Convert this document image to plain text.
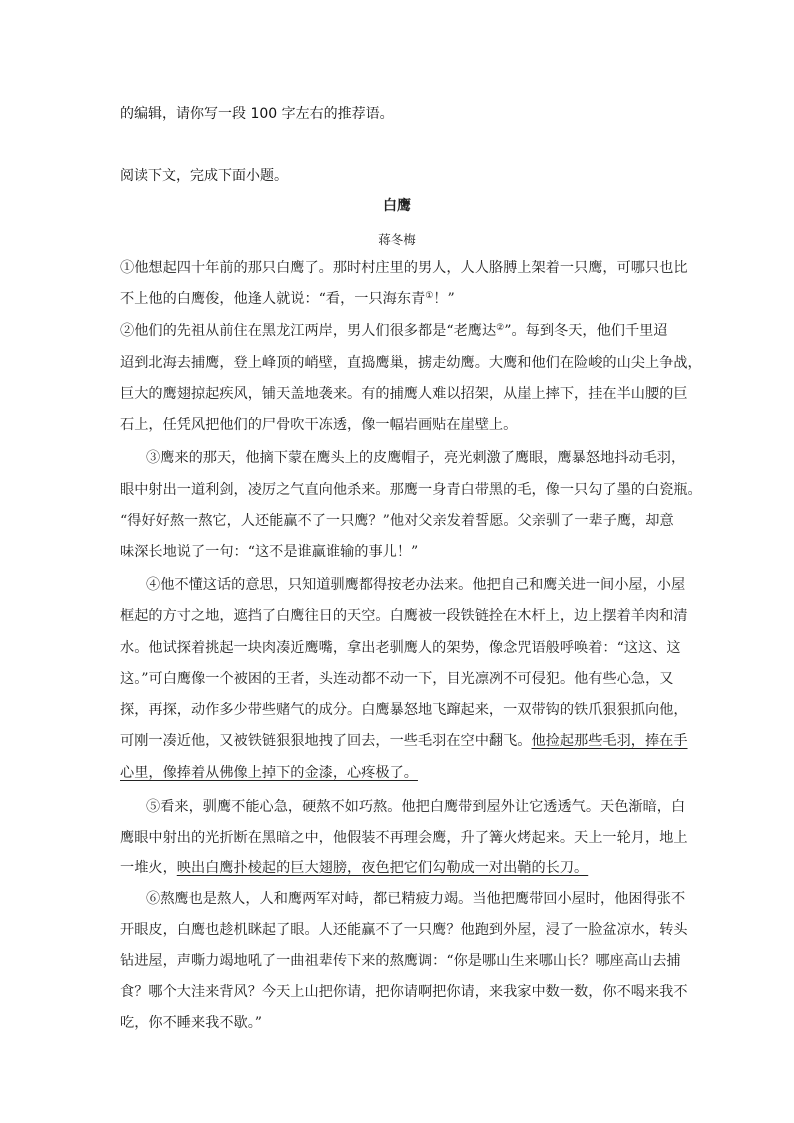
的编辑，请你写一段 100 字左右的推荐语。
阅读下文，完成下面小题。
白鹰
蒋冬梅
①他想起四十年前的那只白鹰了。那时村庄里的男人，人人胳膊上架着一只鹰，可哪只也比
不上他的白鹰俊，他逢人就说：“看，一只海东青①！”
②他们的先祖从前住在黑龙江两岸，男人们很多都是“老鹰达②”。每到冬天，他们千里迢
迢到北海去捕鹰，登上峰顶的峭壁，直捣鹰巢，掳走幼鹰。大鹰和他们在险峻的山尖上争战，
巨大的鹰翅掠起疾风，铺天盖地袭来。有的捕鹰人难以招架，从崖上摔下，挂在半山腰的巨
石上，任凭风把他们的尸骨吹干冻透，像一幅岩画贴在崖壁上。
③鹰来的那天，他摘下蒙在鹰头上的皮鹰帽子，亮光刺激了鹰眼，鹰暴怒地抖动毛羽，
眼中射出一道利剑，凌厉之气直向他杀来。那鹰一身青白带黑的毛，像一只勾了墨的白瓷瓶。
“得好好熬一熬它，人还能赢不了一只鹰？”他对父亲发着誓愿。父亲驯了一辈子鹰，却意
味深长地说了一句：“这不是谁赢谁输的事儿！”
④他不懂这话的意思，只知道驯鹰都得按老办法来。他把自己和鹰关进一间小屋，小屋
框起的方寸之地，遮挡了白鹰往日的天空。白鹰被一段铁链拴在木杆上，边上摆着羊肉和清
水。他试探着挑起一块肉凑近鹰嘴，拿出老驯鹰人的架势，像念咒语般呼唤着：“这这、这
这。”可白鹰像一个被困的王者，头连动都不动一下，目光凛冽不可侵犯。他有些心急，又
探，再探，动作多少带些赌气的成分。白鹰暴怒地飞蹿起来，一双带钩的铁爪狠狠抓向他，
可刚一凑近他，又被铁链狠狠地拽了回去，一些毛羽在空中翻飞。他捡起那些毛羽，捧在手
心里，像捧着从佛像上掉下的金漆，心疼极了。
⑤看来，驯鹰不能心急，硬熬不如巧熬。他把白鹰带到屋外让它透透气。天色渐暗，白
鹰眼中射出的光折断在黑暗之中，他假装不再理会鹰，升了篝火烤起来。天上一轮月，地上
一堆火，映出白鹰扑棱起的巨大翅膀，夜色把它们勾勒成一对出鞘的长刀。
⑥熬鹰也是熬人，人和鹰两军对峙，都已精疲力竭。当他把鹰带回小屋时，他困得张不
开眼皮，白鹰也趁机眯起了眼。人还能赢不了一只鹰？他跑到外屋，浸了一脸盆凉水，转头
钻进屋，声嘶力竭地吼了一曲祖辈传下来的熬鹰调：“你是哪山生来哪山长？哪座高山去捕
食？哪个大洼来背风？今天上山把你请，把你请啊把你请，来我家中数一数，你不喝来我不
吃，你不睡来我不歇。”
